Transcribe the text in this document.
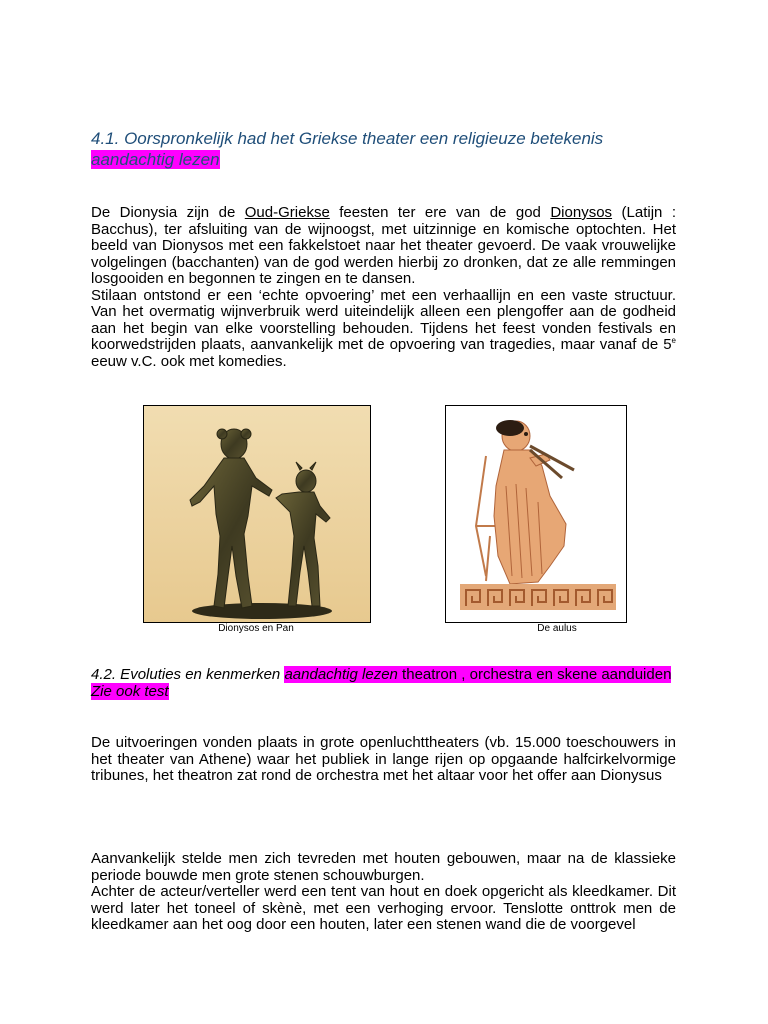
4.1. Oorspronkelijk had het Griekse theater een religieuze betekenis
aandachtig lezen
De Dionysia zijn de Oud-Griekse feesten ter ere van de god Dionysos (Latijn : Bacchus), ter afsluiting van de wijnoogst, met uitzinnige en komische optochten. Het beeld van Dionysos met een fakkelstoet naar het theater gevoerd. De vaak vrouwelijke volgelingen (bacchanten) van de god werden hierbij zo dronken, dat ze alle remmingen losgooiden en begonnen te zingen en te dansen.
Stilaan ontstond er een ‘echte opvoering’ met een verhaallijn en een vaste structuur. Van het overmatig wijnverbruik werd uiteindelijk alleen een plengoffer aan de godheid aan het begin van elke voorstelling behouden. Tijdens het feest vonden festivals en koorwedstrijden plaats, aanvankelijk met de opvoering van tragedies, maar vanaf de 5e eeuw v.C. ook met komedies.
Dionysos en Pan	De aulus
4.2. Evoluties en kenmerken aandachtig lezen theatron , orchestra en skene aanduiden
Zie ook test
De uitvoeringen vonden plaats in grote openluchttheaters (vb. 15.000 toeschouwers in het theater van Athene) waar het publiek in lange rijen op opgaande halfcirkelvormige tribunes, het theatron zat rond de orchestra met het altaar voor het offer aan Dionysus
Aanvankelijk stelde men zich tevreden met houten gebouwen, maar na de klassieke periode bouwde men grote stenen schouwburgen.
Achter de acteur/verteller werd een tent van hout en doek opgericht als kleedkamer. Dit werd later het toneel of skènè, met een verhoging ervoor. Tenslotte onttrok men de kleedkamer aan het oog door een houten, later een stenen wand die de voorgevel
